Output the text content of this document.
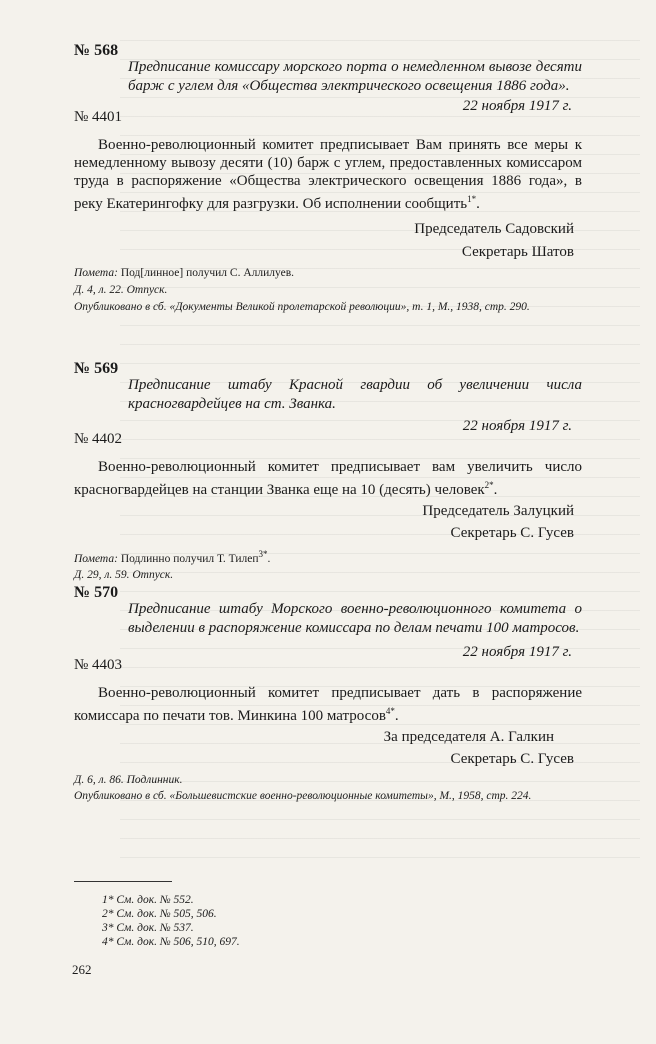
№ 568
Предписание комиссару морского порта о немедленном вывозе десяти барж с углем для «Общества электрического освещения 1886 года».
22 ноября 1917 г.
№ 4401
Военно-революционный комитет предписывает Вам принять все меры к немедленному вывозу десяти (10) барж с углем, предоставленных комиссаром труда в распоряжение «Общества электрического освещения 1886 года», в реку Екатерингофку для разгрузки. Об исполнении сообщить$^{1*}$.
Председатель Садовский
Секретарь Шатов
Помета: Под[линное] получил С. Аллилуев.
Д. 4, л. 22. Отпуск.
Опубликовано в сб. «Документы Великой пролетарской революции», т. 1, М., 1938, стр. 290.
№ 569
Предписание штабу Красной гвардии об увеличении числа красногвардейцев на ст. Званка.
22 ноября 1917 г.
№ 4402
Военно-революционный комитет предписывает вам увеличить число красногвардейцев на станции Званка еще на 10 (десять) человек$^{2*}$.
Председатель Залуцкий
Секретарь С. Гусев
Помета: Подлинно получил Т. Тилеп$^{3*}$.
Д. 29, л. 59. Отпуск.
№ 570
Предписание штабу Морского военно-революционного комитета о выделении в распоряжение комиссара по делам печати 100 матросов.
22 ноября 1917 г.
№ 4403
Военно-революционный комитет предписывает дать в распоряжение комиссара по печати тов. Минкина 100 матросов$^{4*}$.
За председателя А. Галкин
Секретарь С. Гусев
Д. 6, л. 86. Подлинник.
Опубликовано в сб. «Большевистские военно-революционные комитеты», М., 1958, стр. 224.
1* См. док. № 552.
2* См. док. № 505, 506.
3* См. док. № 537.
4* См. док. № 506, 510, 697.
262
